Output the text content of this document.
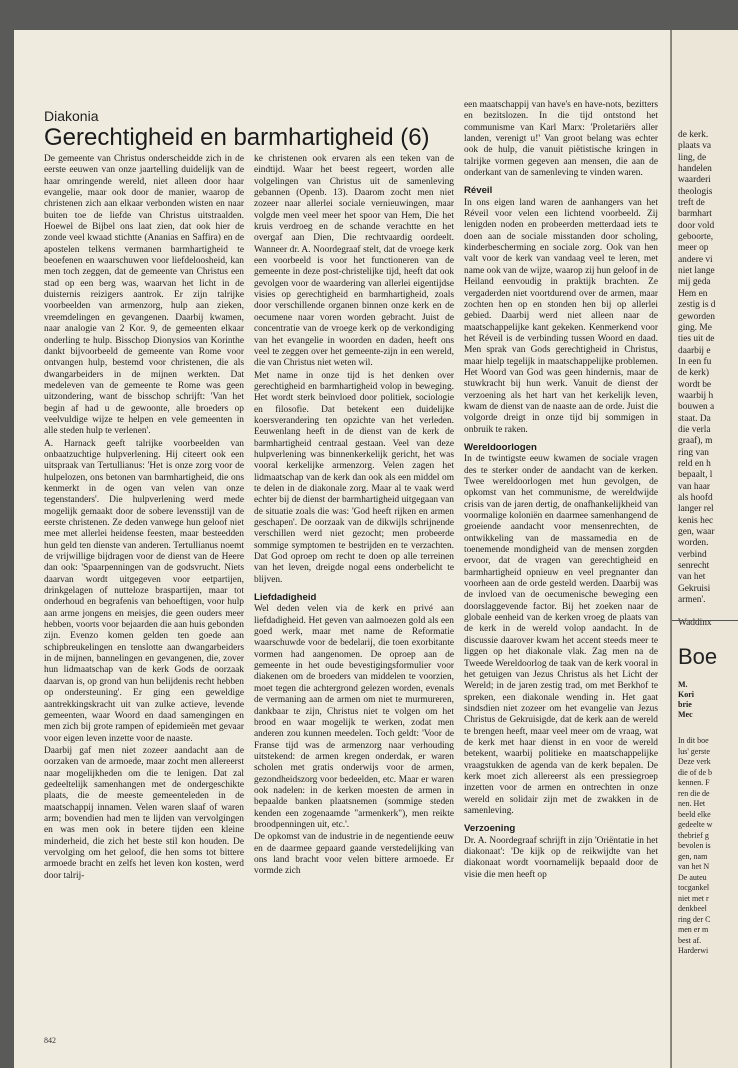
Diakonia
Gerechtigheid en barmhartigheid (6)

De gemeente van Christus onderscheidde zich in de eerste eeuwen van onze jaartelling duidelijk van de haar omringende wereld, niet alleen door haar evangelie, maar ook door de manier, waarop de christenen zich aan elkaar verbonden wisten en naar buiten toe de liefde van Christus uitstraalden. Hoewel de Bijbel ons laat zien, dat ook hier de zonde veel kwaad stichtte (Ananias en Saffira) en de apostelen telkens vermanen barmhartigheid te beoefenen en waarschuwen voor liefdeloosheid, kan men toch zeggen, dat de gemeente van Christus een stad op een berg was, waarvan het licht in de duisternis reizigers aantrok. Er zijn talrijke voorbeelden van armenzorg, hulp aan zieken, vreemdelingen en gevangenen. Daarbij kwamen, naar analogie van 2 Kor. 9, de gemeenten elkaar onderling te hulp. Bisschop Dionysios van Korinthe dankt bijvoorbeeld de gemeente van Rome voor ontvangen hulp, bestemd voor christenen, die als dwangarbeiders in de mijnen werkten. Dat medeleven van de gemeente te Rome was geen uitzondering, want de bisschop schrijft: 'Van het begin af had u de gewoonte, alle broeders op veelvuldige wijze te helpen en vele gemeenten in alle steden hulp te verlenen'.

A. Harnack geeft talrijke voorbeelden van onbaatzuchtige hulpverlening. Hij citeert ook een uitspraak van Tertullianus: 'Het is onze zorg voor de hulpelozen, ons betonen van barmhartigheid, die ons kenmerkt in de ogen van velen van onze tegenstanders'. Die hulpverlening werd mede mogelijk gemaakt door de sobere levensstijl van de eerste christenen. Ze deden vanwege hun geloof niet mee met allerlei heidense feesten, maar besteedden hun geld ten dienste van anderen. Tertullianus noemt de vrijwillige bijdragen voor de dienst van de Heere dan ook: 'Spaarpenningen van de godsvrucht. Niets daarvan wordt uitgegeven voor eetpartijen, drinkgelagen of nutteloze braspartijen, maar tot onderhoud en begrafenis van behoeftigen, voor hulp aan arme jongens en meisjes, die geen ouders meer hebben, voorts voor bejaarden die aan huis gebonden zijn. Evenzo komen gelden ten goede aan schipbreukelingen en tenslotte aan dwangarbeiders in de mijnen, bannelingen en gevangenen, die, zover hun lidmaatschap van de kerk Gods de oorzaak daarvan is, op grond van hun belijdenis recht hebben op ondersteuning'. Er ging een geweldige aantrekkingskracht uit van zulke actieve, levende gemeenten, waar Woord en daad samengingen en men zich bij grote rampen of epidemieën met gevaar voor eigen leven inzette voor de naaste.

Daarbij gaf men niet zozeer aandacht aan de oorzaken van de armoede, maar zocht men allereerst naar mogelijkheden om die te lenigen. Dat zal gedeeltelijk samenhangen met de ondergeschikte plaats, die de meeste gemeenteleden in de maatschappij innamen. Velen waren slaaf of waren arm; bovendien had men te lijden van vervolgingen en was men ook in betere tijden een kleine minderheid, die zich het beste stil kon houden. De vervolging om het geloof, die hen soms tot bittere armoede bracht en zelfs het leven kon kosten, werd door talrij-

ke christenen ook ervaren als een teken van de eindtijd. Waar het beest regeert, worden alle volgelingen van Christus uit de samenleving gebannen (Openb. 13). Daarom zocht men niet zozeer naar allerlei sociale vernieuwingen, maar volgde men veel meer het spoor van Hem, Die het kruis verdroeg en de schande verachtte en het overgaf aan Dien, Die rechtvaardig oordeelt. Wanneer dr. A. Noordegraaf stelt, dat de vroege kerk een voorbeeld is voor het functioneren van de gemeente in deze post-christelijke tijd, heeft dat ook gevolgen voor de waardering van allerlei eigentijdse visies op gerechtigheid en barmhartigheid, zoals door verschillende organen binnen onze kerk en de oecumene naar voren worden gebracht. Juist de concentratie van de vroege kerk op de verkondiging van het evangelie in woorden en daden, heeft ons veel te zeggen over het gemeente-zijn in een wereld, die van Christus niet weten wil.

Met name in onze tijd is het denken over gerechtigheid en barmhartigheid volop in beweging. Het wordt sterk beïnvloed door politiek, sociologie en filosofie. Dat betekent een duidelijke koersverandering ten opzichte van het verleden. Eeuwenlang heeft in de dienst van de kerk de barmhartigheid centraal gestaan. Veel van deze hulpverlening was binnenkerkelijk gericht, het was vooral kerkelijke armenzorg. Velen zagen het lidmaatschap van de kerk dan ook als een middel om te delen in de diakonale zorg. Maar al te vaak werd echter bij de dienst der barmhartigheid uitgegaan van de situatie zoals die was: 'God heeft rijken en armen geschapen'. De oorzaak van de dikwijls schrijnende verschillen werd niet gezocht; men probeerde sommige symptomen te bestrijden en te verzachten. Dat God oproep om recht te doen op alle terreinen van het leven, dreigde nogal eens onderbelicht te blijven.

Liefdadigheid

Wel deden velen via de kerk en privé aan liefdadigheid. Het geven van aalmoezen gold als een goed werk, maar met name de Reformatie waarschuwde voor de bedelarij, die toen exorbitante vormen had aangenomen. De oproep aan de gemeente in het oude bevestigingsformulier voor diakenen om de broeders van middelen te voorzien, moet tegen die achtergrond gelezen worden, evenals de vermaning aan de armen om niet te murmureren, dankbaar te zijn, Christus niet te volgen om het brood en waar mogelijk te werken, zodat men anderen zou kunnen meedelen. Toch geldt: 'Voor de Franse tijd was de armenzorg naar verhouding uitstekend: de armen kregen onderdak, er waren scholen met gratis onderwijs voor de armen, gezondheidszorg voor bedeelden, etc. Maar er waren ook nadelen: in de kerken moesten de armen in bepaalde banken plaatsnemen (sommige steden kenden een zogenaamde "armenkerk"), men reikte broodpenningen uit, etc.'.

De opkomst van de industrie in de negentiende eeuw en de daarmee gepaard gaande verstedelijking van ons land bracht voor velen bittere armoede. Er vormde zich

een maatschappij van have's en have-nots, bezitters en bezitslozen. In die tijd ontstond het communisme van Karl Marx: 'Proletariërs aller landen, verenigt u!' Van groot belang was echter ook de hulp, die vanuit piëtistische kringen in talrijke vormen gegeven aan mensen, die aan de onderkant van de samenleving te vinden waren.

Réveil

In ons eigen land waren de aanhangers van het Réveil voor velen een lichtend voorbeeld. Zij lenigden noden en probeerden metterdaad iets te doen aan de sociale misstanden door scholing, kinderbescherming en sociale zorg. Ook van hen valt voor de kerk van vandaag veel te leren, met name ook van de wijze, waarop zij hun geloof in de Heiland eenvoudig in praktijk brachten. Ze vergaderden niet voortdurend over de armen, maar zochten hen op en stonden hen bij op allerlei gebied. Daarbij werd niet alleen naar de maatschappelijke kant gekeken. Kenmerkend voor het Réveil is de verbinding tussen Woord en daad. Men sprak van Gods gerechtigheid in Christus, maar hielp tegelijk in maatschappelijke problemen. Het Woord van God was geen hindernis, maar de stuwkracht bij hun werk. Vanuit de dienst der verzoening als het hart van het kerkelijk leven, kwam de dienst van de naaste aan de orde. Juist die volgorde dreigt in onze tijd bij sommigen in onbruik te raken.

Wereldoorlogen

In de twintigste eeuw kwamen de sociale vragen des te sterker onder de aandacht van de kerken. Twee wereldoorlogen met hun gevolgen, de opkomst van het communisme, de wereldwijde crisis van de jaren dertig, de onafhankelijkheid van voormalige koloniën en daarmee samenhangend de groeiende aandacht voor mensenrechten, de ontwikkeling van de massamedia en de toenemende mondigheid van de mensen zorgden ervoor, dat de vragen van gerechtigheid en barmhartigheid opnieuw en veel pregnanter dan voorheen aan de orde gesteld werden. Daarbij was de invloed van de oecumenische beweging een doorslaggevende factor. Bij het zoeken naar de globale eenheid van de kerken vroeg de plaats van de kerk in de wereld volop aandacht. In de discussie daarover kwam het accent steeds meer te liggen op het diakonale vlak. Zag men na de Tweede Wereldoorlog de taak van de kerk vooral in het getuigen van Jezus Christus als het Licht der Wereld; in de jaren zestig trad, om met Berkhof te spreken, een diakonale wending in. Het gaat sindsdien niet zozeer om het evangelie van Jezus Christus de Gekruisigde, dat de kerk aan de wereld te brengen heeft, maar veel meer om de vraag, wat de kerk met haar dienst in en voor de wereld betekent, waarbij politieke en maatschappelijke vraagstukken de agenda van de kerk bepalen. De kerk moet zich allereerst als een pressiegroep inzetten voor de armen en ontrechten in onze wereld en solidair zijn met de zwakken in de samenleving.

Verzoening

Dr. A. Noordegraaf schrijft in zijn 'Oriëntatie in het diakonaat': 'De kijk op de reikwijdte van het diakonaat wordt voornamelijk bepaald door de visie die men heeft op

842
de kerk.
plaats va
ling, de
handelen
waarderi
theologis
treft de
barmhart
door vold
geboorte,
meer op
andere vi
niet lange
mij geda
Hem en
zestig is d
geworden
ging. Me
ties uit de
daarbij e
In een fu
de kerk)
wordt be
waarbij h
bouwen a
staat. Da
die verla
graaf), m
ring van
reld en h
bepaalt, l
van haar
als hoofd
langer rel
kenis hec
gen, waar
worden.
verbind
senrecht
van het
Gekruisi
armen'.

Waddinx
Boe
M.
Kori
brie
Mec
In dit boe
lus' gerste
Deze verk
die of de b
kennen. F
ren die de
nen. Het
beeld elke
gedeelte w
thebrief g
bevolen is
gen, nam
van het N
De auteu
tocgankel
niet met r
denkbeel
ring der C
men er m
best af.
Harderwi
